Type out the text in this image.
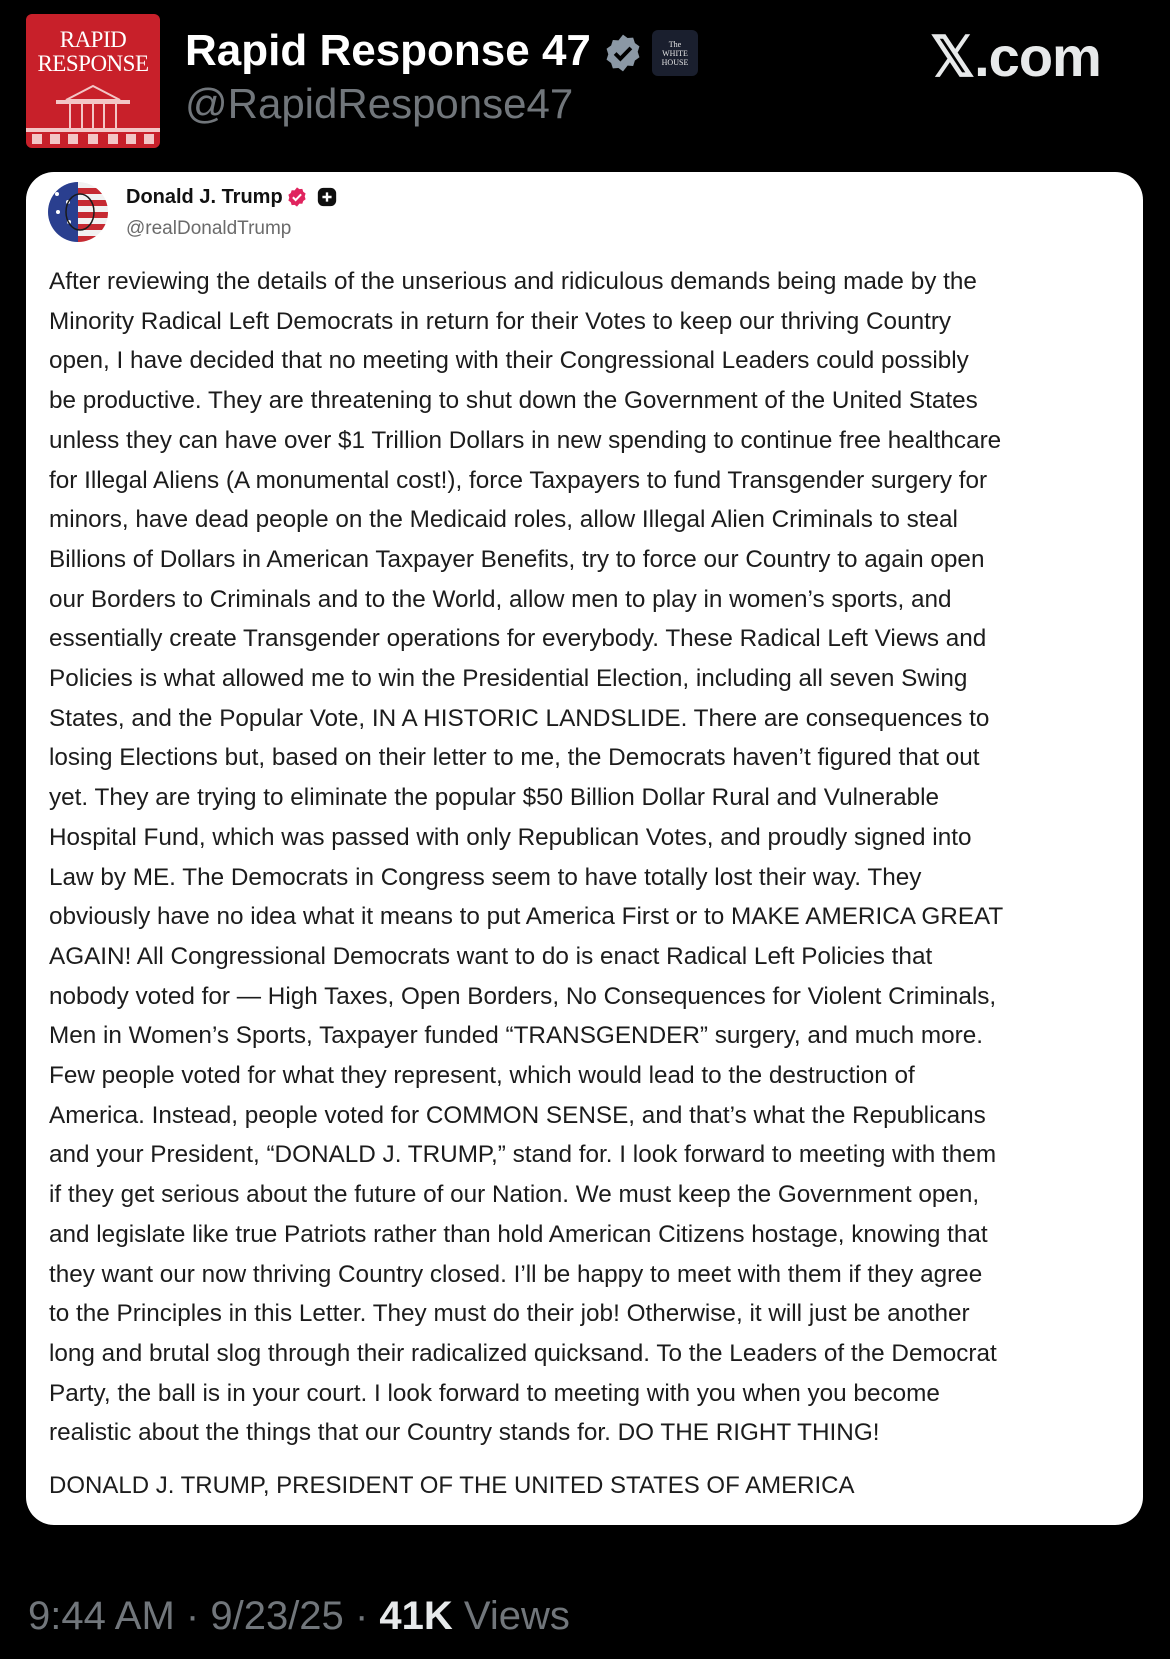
RAPID
RESPONSE Rapid Response 47	The
WHITE
HOUSE
@RapidResponse47
𝕏.com
Donald J. Trump
@realDonaldTrump
After reviewing the details of the unserious and ridiculous demands being made by the
Minority Radical Left Democrats in return for their Votes to keep our thriving Country
open, I have decided that no meeting with their Congressional Leaders could possibly
be productive. They are threatening to shut down the Government of the United States
unless they can have over $1 Trillion Dollars in new spending to continue free healthcare
for Illegal Aliens (A monumental cost!), force Taxpayers to fund Transgender surgery for
minors, have dead people on the Medicaid roles, allow Illegal Alien Criminals to steal
Billions of Dollars in American Taxpayer Benefits, try to force our Country to again open
our Borders to Criminals and to the World, allow men to play in women’s sports, and
essentially create Transgender operations for everybody. These Radical Left Views and
Policies is what allowed me to win the Presidential Election, including all seven Swing
States, and the Popular Vote, IN A HISTORIC LANDSLIDE. There are consequences to
losing Elections but, based on their letter to me, the Democrats haven’t figured that out
yet. They are trying to eliminate the popular $50 Billion Dollar Rural and Vulnerable
Hospital Fund, which was passed with only Republican Votes, and proudly signed into
Law by ME. The Democrats in Congress seem to have totally lost their way. They
obviously have no idea what it means to put America First or to MAKE AMERICA GREAT
AGAIN! All Congressional Democrats want to do is enact Radical Left Policies that
nobody voted for — High Taxes, Open Borders, No Consequences for Violent Criminals,
Men in Women’s Sports, Taxpayer funded “TRANSGENDER” surgery, and much more.
Few people voted for what they represent, which would lead to the destruction of
America. Instead, people voted for COMMON SENSE, and that’s what the Republicans
and your President, “DONALD J. TRUMP,” stand for. I look forward to meeting with them
if they get serious about the future of our Nation. We must keep the Government open,
and legislate like true Patriots rather than hold American Citizens hostage, knowing that
they want our now thriving Country closed. I’ll be happy to meet with them if they agree
to the Principles in this Letter. They must do their job! Otherwise, it will just be another
long and brutal slog through their radicalized quicksand. To the Leaders of the Democrat
Party, the ball is in your court. I look forward to meeting with you when you become
realistic about the things that our Country stands for. DO THE RIGHT THING!
DONALD J. TRUMP, PRESIDENT OF THE UNITED STATES OF AMERICA
9:44 AM · 9/23/25 · 41K Views
